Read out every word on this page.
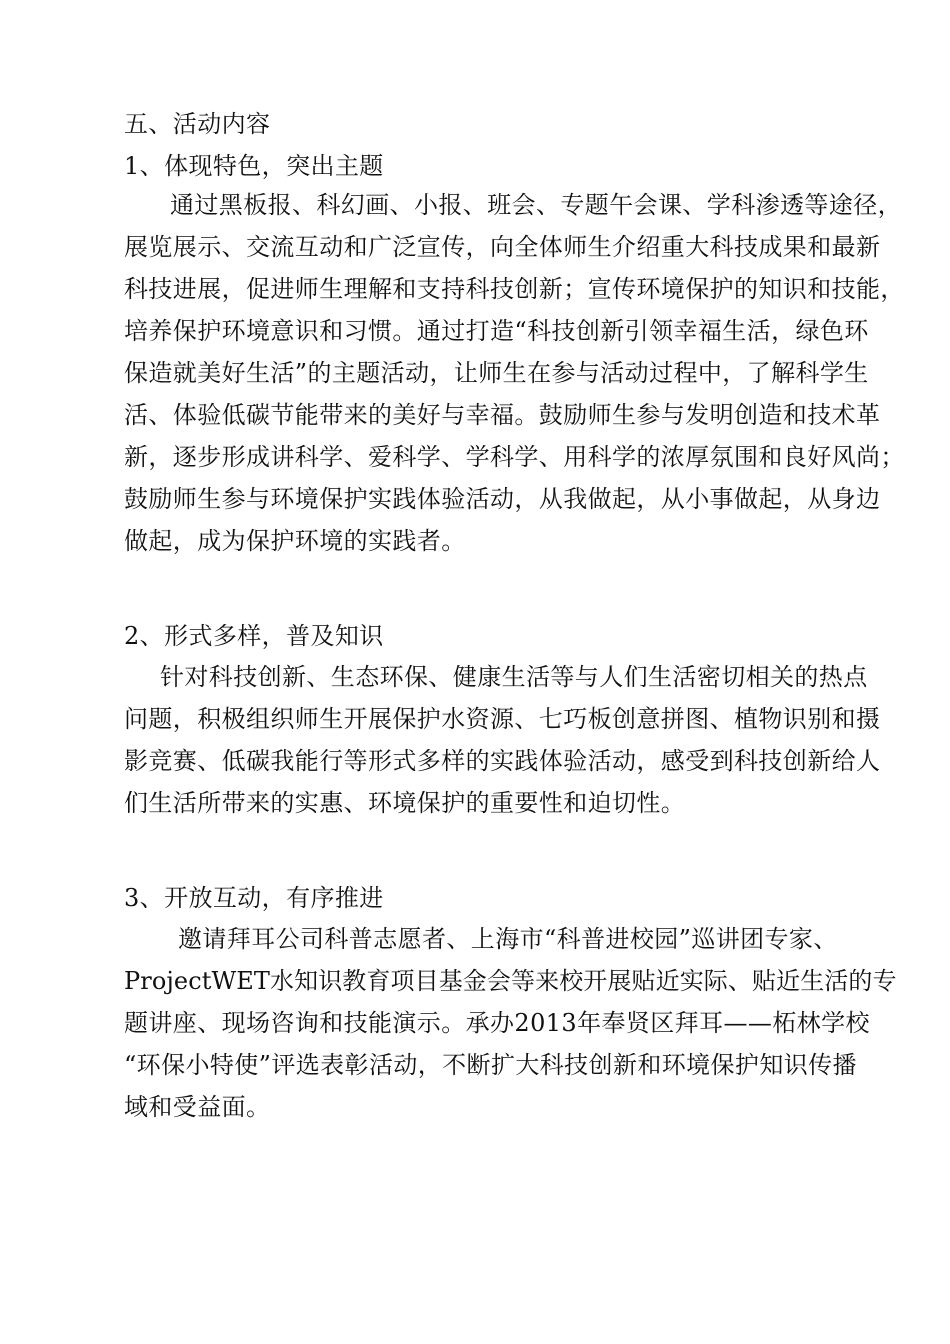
五、活动内容
1、体现特色，突出主题
通过黑板报、科幻画、小报、班会、专题午会课、学科渗透等途径，
展览展示、交流互动和广泛宣传，向全体师生介绍重大科技成果和最新
科技进展，促进师生理解和支持科技创新；宣传环境保护的知识和技能，
培养保护环境意识和习惯。通过打造“科技创新引领幸福生活，绿色环
保造就美好生活”的主题活动，让师生在参与活动过程中，了解科学生
活、体验低碳节能带来的美好与幸福。鼓励师生参与发明创造和技术革
新，逐步形成讲科学、爱科学、学科学、用科学的浓厚氛围和良好风尚；
鼓励师生参与环境保护实践体验活动，从我做起，从小事做起，从身边
做起，成为保护环境的实践者。
2、形式多样，普及知识
针对科技创新、生态环保、健康生活等与人们生活密切相关的热点
问题，积极组织师生开展保护水资源、七巧板创意拼图、植物识别和摄
影竞赛、低碳我能行等形式多样的实践体验活动，感受到科技创新给人
们生活所带来的实惠、环境保护的重要性和迫切性。
3、开放互动，有序推进
邀请拜耳公司科普志愿者、上海市“科普进校园”巡讲团专家、
ProjectWET水知识教育项目基金会等来校开展贴近实际、贴近生活的专
题讲座、现场咨询和技能演示。承办2013年奉贤区拜耳——柘林学校
“环保小特使”评选表彰活动，不断扩大科技创新和环境保护知识传播
域和受益面。
